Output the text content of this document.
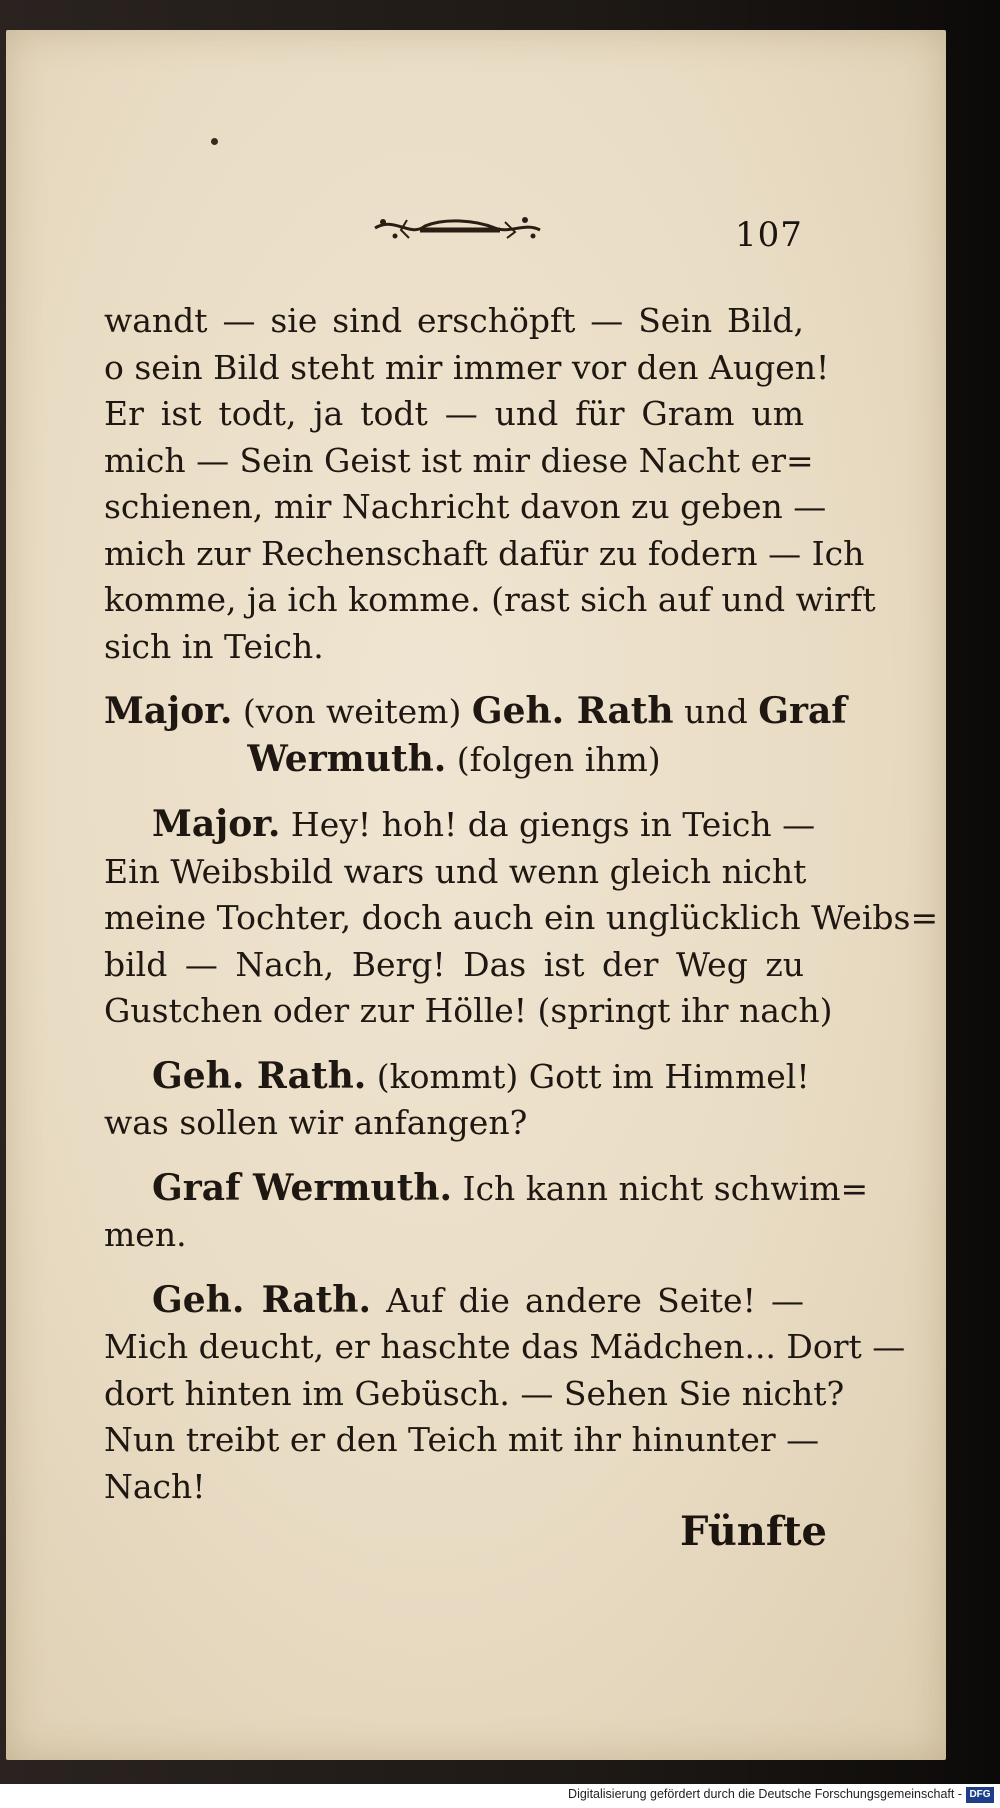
107
wandt — sie sind erschöpft — Sein Bild,
o sein Bild steht mir immer vor den Augen!
Er ist todt, ja todt — und für Gram um
mich — Sein Geist ist mir diese Nacht er=
schienen, mir Nachricht davon zu geben —
mich zur Rechenschaft dafür zu fodern — Ich
komme, ja ich komme. (rast sich auf und wirft
sich in Teich.
Major. (von weitem) Geh. Rath und Graf
Wermuth. (folgen ihm)
Major. Hey! hoh! da giengs in Teich —
Ein Weibsbild wars und wenn gleich nicht
meine Tochter, doch auch ein unglücklich Weibs=
bild — Nach, Berg! Das ist der Weg zu
Gustchen oder zur Hölle! (springt ihr nach)
Geh. Rath. (kommt) Gott im Himmel!
was sollen wir anfangen?
Graf Wermuth. Ich kann nicht schwim=
men.
Geh. Rath. Auf die andere Seite! —
Mich deucht, er haschte das Mädchen... Dort —
dort hinten im Gebüsch. — Sehen Sie nicht?
Nun treibt er den Teich mit ihr hinunter —
Nach!
Fünfte
Digitalisierung gefördert durch die Deutsche Forschungsgemeinschaft - DFG
